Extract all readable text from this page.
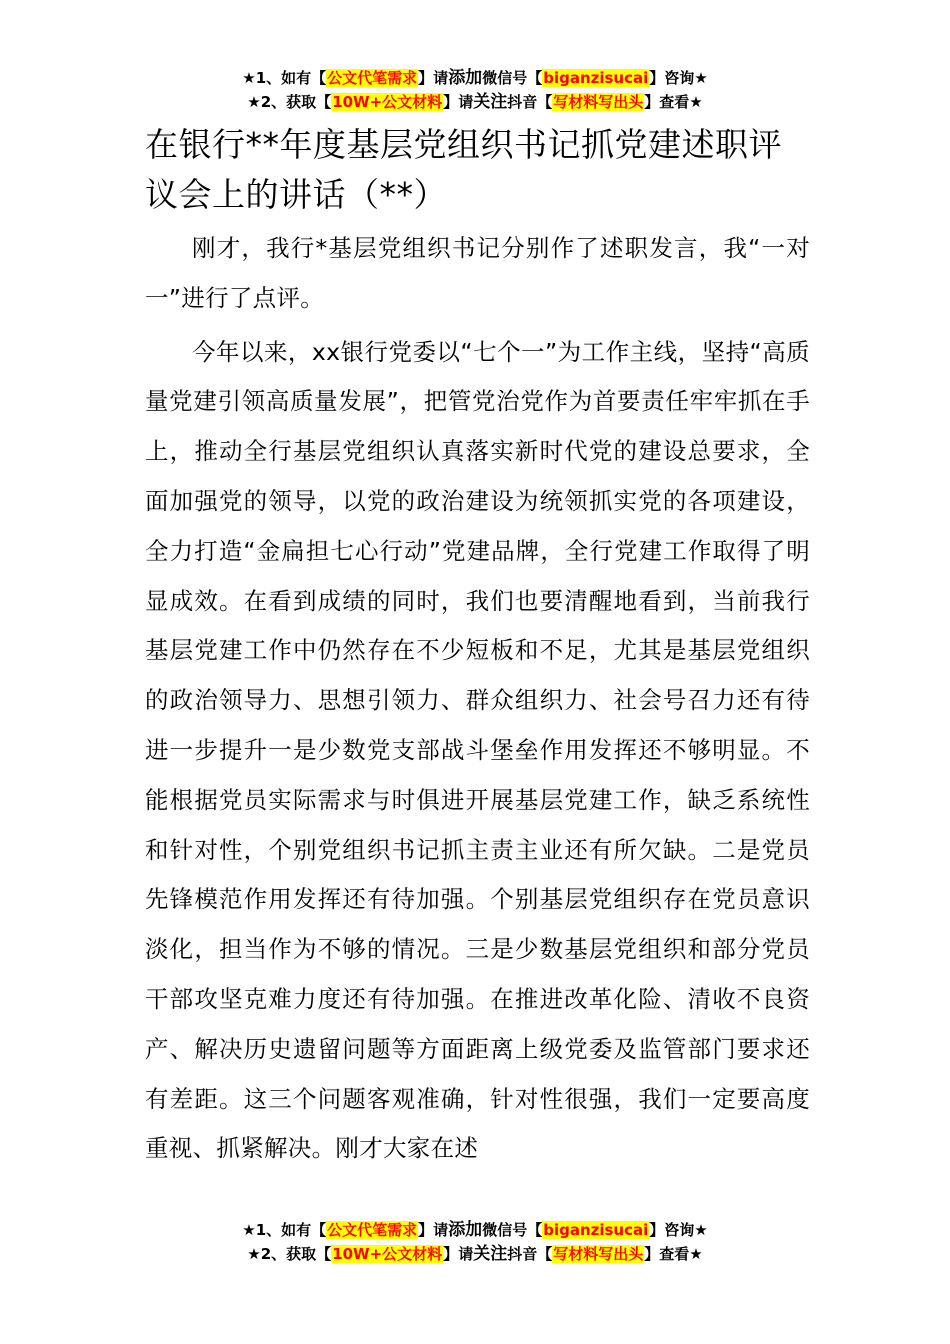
★1、如有【公文代笔需求】请添加微信号【biganzisucai】咨询★
★2、获取【10W+公文材料】请关注抖音【写材料写出头】查看★
在银行**年度基层党组织书记抓党建述职评议会上的讲话（**）

刚才，我行*基层党组织书记分别作了述职发言，我“一对一”进行了点评。

今年以来，xx银行党委以“七个一”为工作主线，坚持“高质量党建引领高质量发展”，把管党治党作为首要责任牢牢抓在手上，推动全行基层党组织认真落实新时代党的建设总要求，全面加强党的领导，以党的政治建设为统领抓实党的各项建设，全力打造“金扁担七心行动”党建品牌，全行党建工作取得了明显成效。在看到成绩的同时，我们也要清醒地看到，当前我行基层党建工作中仍然存在不少短板和不足，尤其是基层党组织的政治领导力、思想引领力、群众组织力、社会号召力还有待进一步提升一是少数党支部战斗堡垒作用发挥还不够明显。不能根据党员实际需求与时俱进开展基层党建工作，缺乏系统性和针对性，个别党组织书记抓主责主业还有所欠缺。二是党员先锋模范作用发挥还有待加强。个别基层党组织存在党员意识淡化，担当作为不够的情况。三是少数基层党组织和部分党员干部攻坚克难力度还有待加强。在推进改革化险、清收不良资产、解决历史遗留问题等方面距离上级党委及监管部门要求还有差距。这三个问题客观准确，针对性很强，我们一定要高度重视、抓紧解决。刚才大家在述

★1、如有【公文代笔需求】请添加微信号【biganzisucai】咨询★
★2、获取【10W+公文材料】请关注抖音【写材料写出头】查看★
